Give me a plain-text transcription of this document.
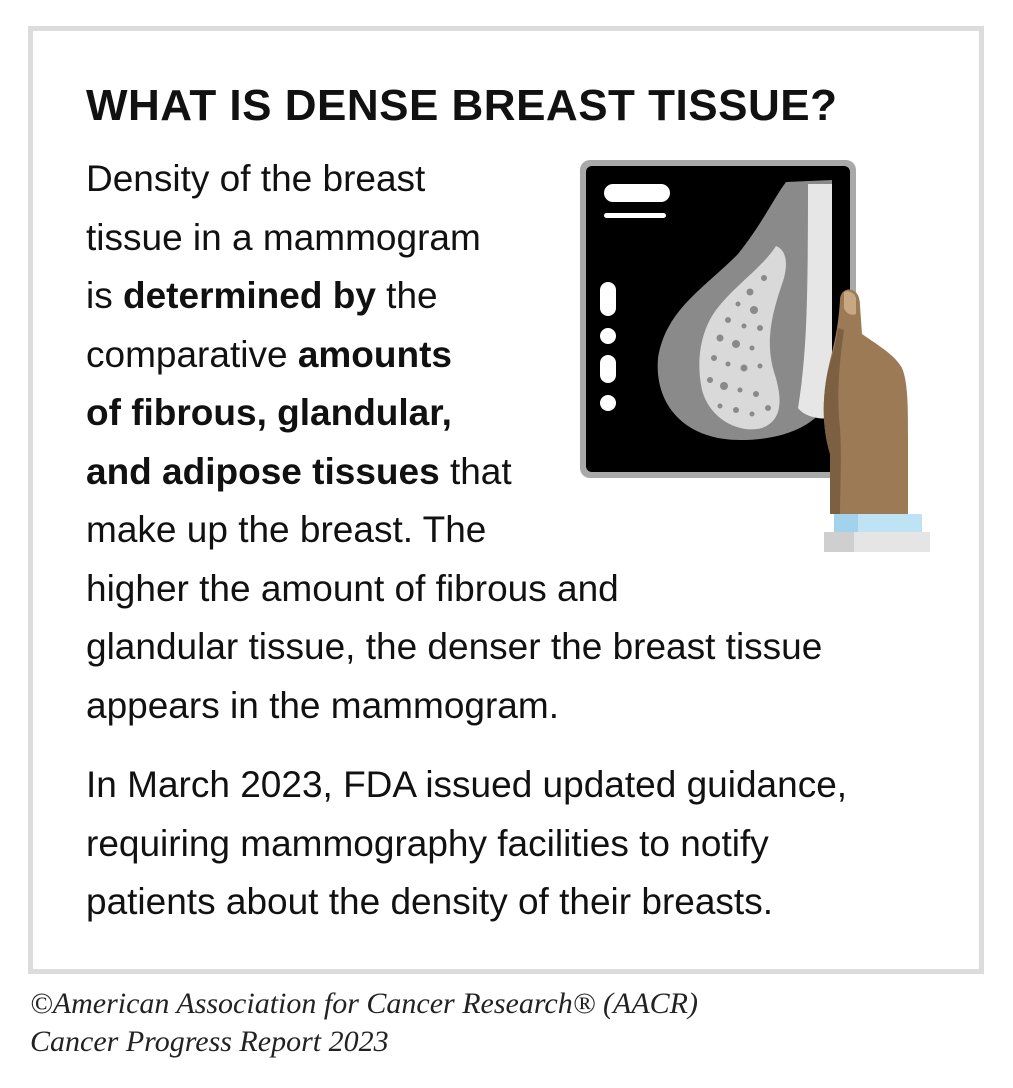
WHAT IS DENSE BREAST TISSUE?

Density of the breast
tissue in a mammogram
is determined by the
comparative amounts
of fibrous, glandular,
and adipose tissues that
make up the breast. The
higher the amount of fibrous and
glandular tissue, the denser the breast tissue
appears in the mammogram.

In March 2023, FDA issued updated guidance,
requiring mammography facilities to notify
patients about the density of their breasts.

©American Association for Cancer Research® (AACR)
Cancer Progress Report 2023
